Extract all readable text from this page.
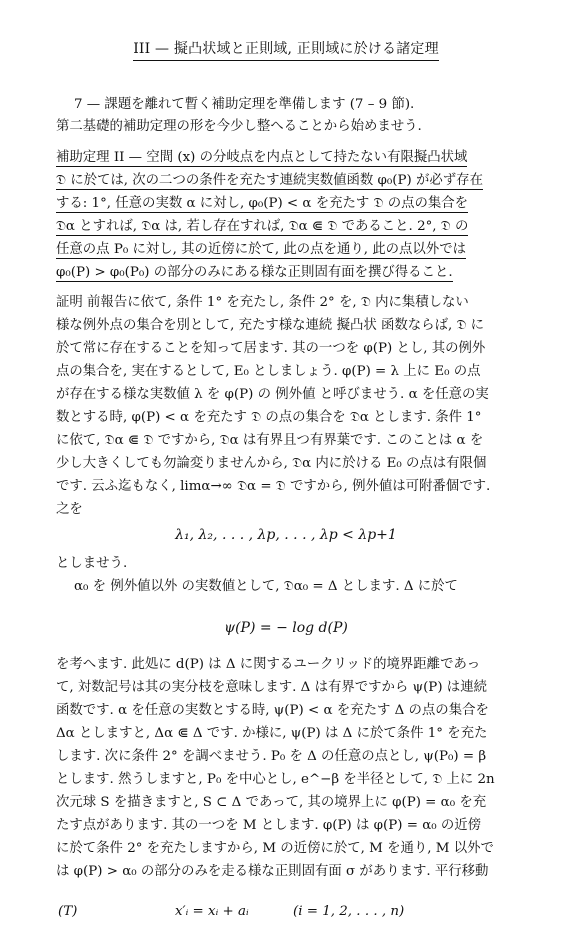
III — 擬凸状域と正則域, 正則域に於ける諸定理
7 — 課題を離れて暫く補助定理を準備します (7 – 9 節).
第二基礎的補助定理の形を今少し整へることから始めませう.
補助定理 II — 空間 (x) の分岐点を内点として持たない有限擬凸状域
𝔇 に於ては, 次の二つの条件を充たす連続実数値函数 φ₀(P) が必ず存在
する: 1°, 任意の実数 α に対し, φ₀(P) < α を充たす 𝔇 の点の集合を
𝔇α とすれば, 𝔇α は, 若し存在すれば, 𝔇α ⋐ 𝔇 であること. 2°, 𝔇 の
任意の点 P₀ に対し, 其の近傍に於て, 此の点を通り, 此の点以外では
φ₀(P) > φ₀(P₀) の部分のみにある様な正則固有面を撰び得ること.
証明 前報告に依て, 条件 1° を充たし, 条件 2° を, 𝔇 内に集積しない
様な例外点の集合を別として, 充たす様な連続 擬凸状 函数ならば, 𝔇 に
於て常に存在することを知って居ます. 其の一つを φ(P) とし, 其の例外
点の集合を, 実在するとして, E₀ としましょう. φ(P) = λ 上に E₀ の点
が存在する様な実数値 λ を φ(P) の 例外値 と呼びませう. α を任意の実
数とする時, φ(P) < α を充たす 𝔇 の点の集合を 𝔇α とします. 条件 1°
に依て, 𝔇α ⋐ 𝔇 ですから, 𝔇α は有界且つ有界葉です. このことは α を
少し大きくしても勿論変りませんから, 𝔇α 内に於ける E₀ の点は有限個
です. 云ふ迄もなく, limα→∞ 𝔇α = 𝔇 ですから, 例外値は可附番個です.
之を
λ₁, λ₂, . . . , λp, . . . , λp < λp+1
としませう.
α₀ を 例外値以外 の実数値として, 𝔇α₀ = Δ とします. Δ に於て
ψ(P) = − log d(P)
を考へます. 此処に d(P) は Δ に関するユークリッド的境界距離であっ
て, 対数記号は其の実分枝を意味します. Δ は有界ですから ψ(P) は連続
函数です. α を任意の実数とする時, ψ(P) < α を充たす Δ の点の集合を
Δα としますと, Δα ⋐ Δ です. か様に, ψ(P) は Δ に於て条件 1° を充た
します. 次に条件 2° を調べませう. P₀ を Δ の任意の点とし, ψ(P₀) = β
とします. 然うしますと, P₀ を中心とし, e^−β を半径として, 𝔇 上に 2n
次元球 S を描きますと, S ⊂ Δ であって, 其の境界上に φ(P) = α₀ を充
たす点があります. 其の一つを M とします. φ(P) は φ(P) = α₀ の近傍
に於て条件 2° を充たしますから, M の近傍に於て, M を通り, M 以外で
は φ(P) > α₀ の部分のみを走る様な正則固有面 σ があります. 平行移動
(T)	x′ᵢ = xᵢ + aᵢ	(i = 1, 2, . . . , n)
